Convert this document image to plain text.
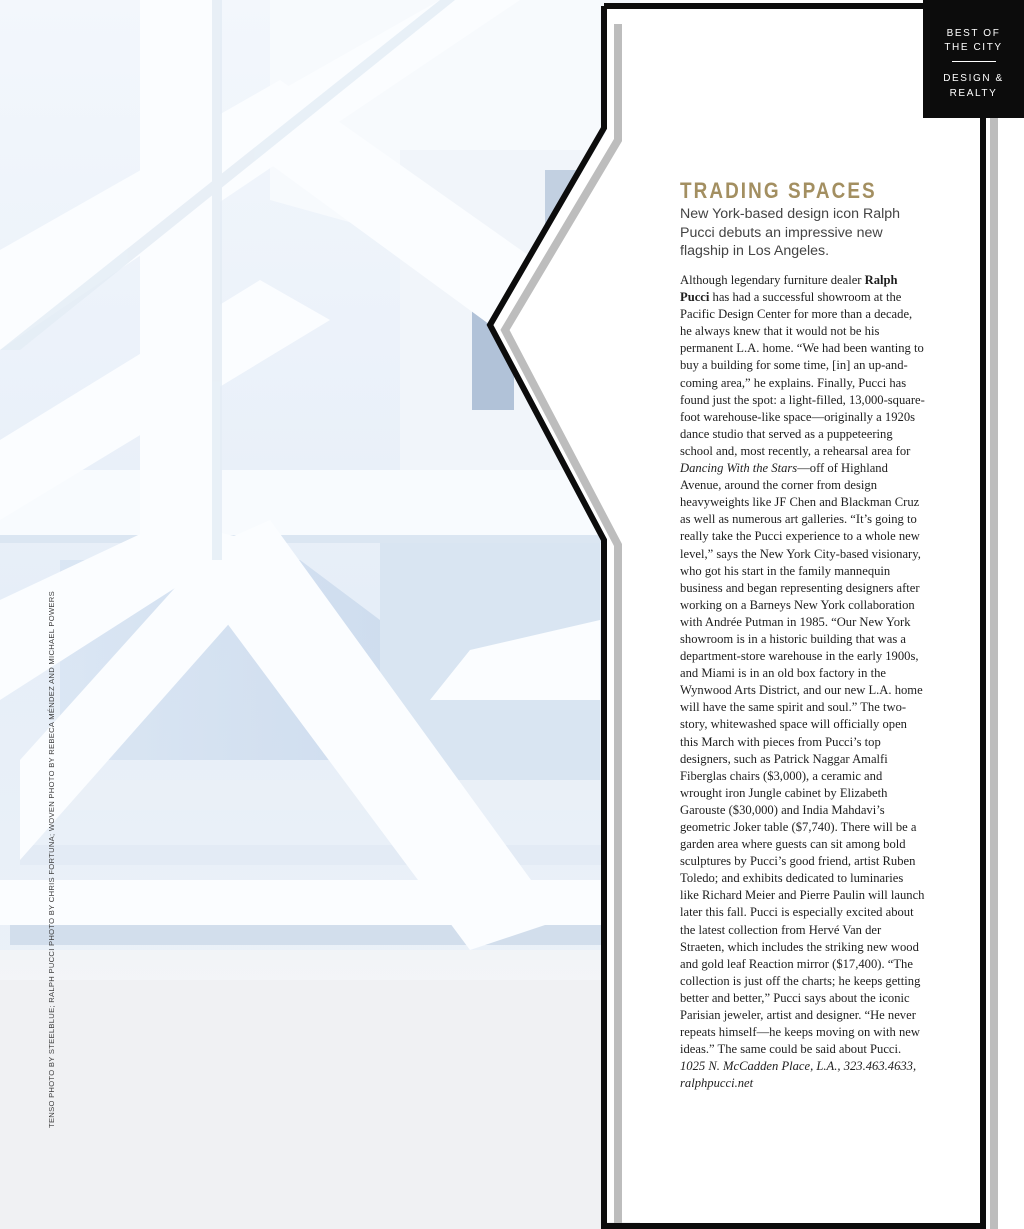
TENSO PHOTO BY STEELBLUE; RALPH PUCCI PHOTO BY CHRIS FORTUNA; WOVEN PHOTO BY REBECA MÉNDEZ AND MICHAEL POWERS
BEST OF
THE CITY
DESIGN &
REALTY
TRADING SPACES
New York-based design icon Ralph Pucci debuts an impressive new flagship in Los Angeles.

Although legendary furniture dealer Ralph Pucci has had a successful showroom at the Pacific Design Center for more than a decade, he always knew that it would not be his permanent L.A. home. “We had been wanting to buy a building for some time, [in] an up-and-coming area,” he explains. Finally, Pucci has found just the spot: a light-filled, 13,000-square-foot warehouse-like space—originally a 1920s dance studio that served as a puppeteering school and, most recently, a rehearsal area for Dancing With the Stars—off of Highland Avenue, around the corner from design heavyweights like JF Chen and Blackman Cruz as well as numerous art galleries. “It’s going to really take the Pucci experience to a whole new level,” says the New York City-based visionary, who got his start in the family mannequin business and began representing designers after working on a Barneys New York collaboration with Andrée Putman in 1985. “Our New York showroom is in a historic building that was a department-store warehouse in the early 1900s, and Miami is in an old box factory in the Wynwood Arts District, and our new L.A. home will have the same spirit and soul.” The two-story, whitewashed space will officially open this March with pieces from Pucci’s top designers, such as Patrick Naggar Amalfi Fiberglas chairs ($3,000), a ceramic and wrought iron Jungle cabinet by Elizabeth Garouste ($30,000) and India Mahdavi’s geometric Joker table ($7,740). There will be a garden area where guests can sit among bold sculptures by Pucci’s good friend, artist Ruben Toledo; and exhibits dedicated to luminaries like Richard Meier and Pierre Paulin will launch later this fall. Pucci is especially excited about the latest collection from Hervé Van der Straeten, which includes the striking new wood and gold leaf Reaction mirror ($17,400). “The collection is just off the charts; he keeps getting better and better,” Pucci says about the iconic Parisian jeweler, artist and designer. “He never repeats himself—he keeps moving on with new ideas.” The same could be said about Pucci. 1025 N. McCadden Place, L.A., 323.463.4633, ralphpucci.net
